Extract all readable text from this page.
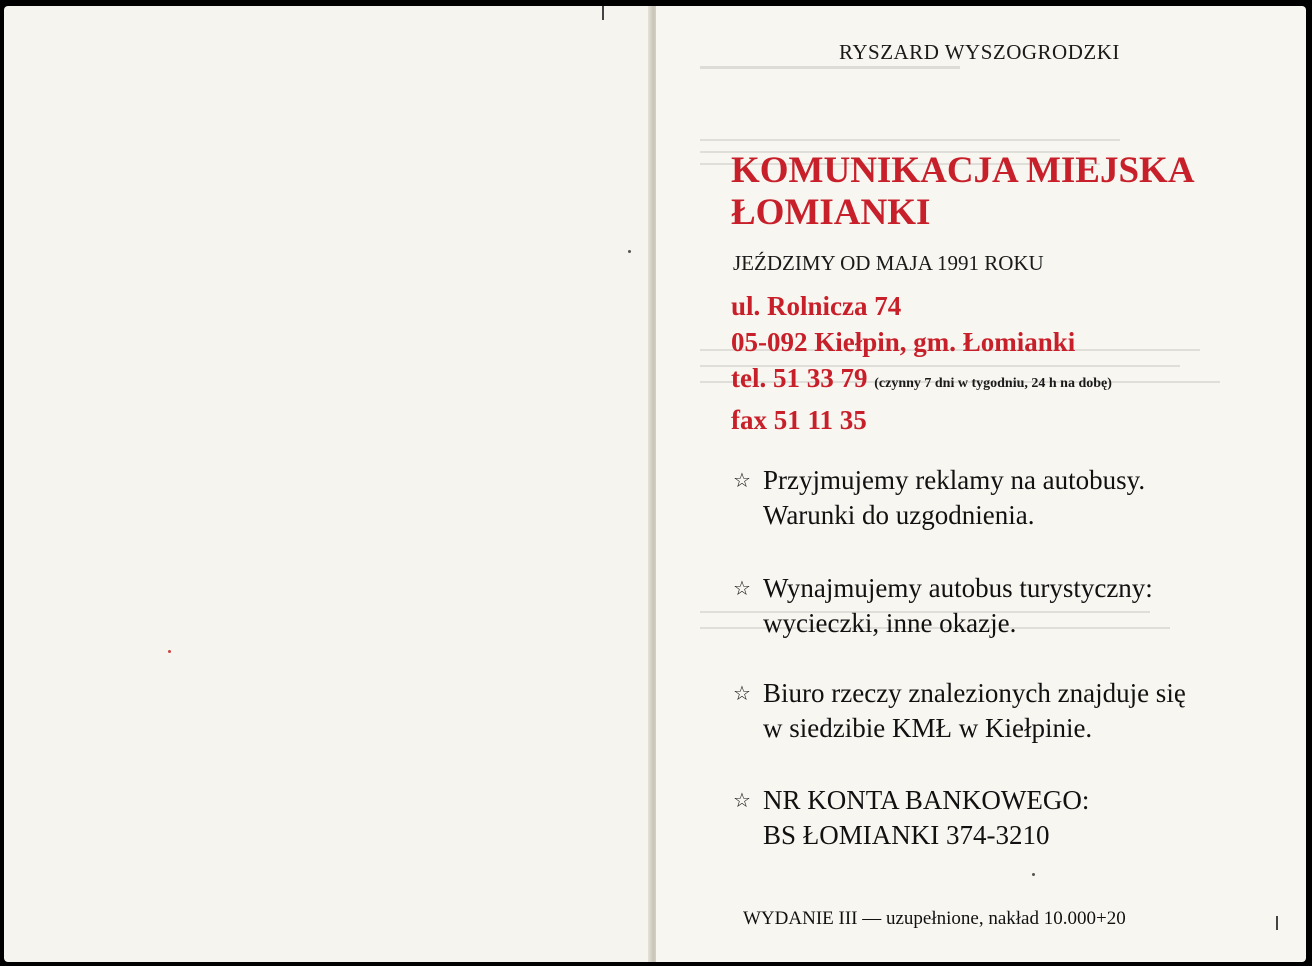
RYSZARD WYSZOGRODZKI
KOMUNIKACJA MIEJSKA
ŁOMIANKI
JEŹDZIMY OD MAJA 1991 ROKU
ul. Rolnicza 74
05-092 Kiełpin, gm. Łomianki
tel. 51 33 79 (czynny 7 dni w tygodniu, 24 h na dobę)
fax 51 11 35
☆ Przyjmujemy reklamy na autobusy.
Warunki do uzgodnienia.
☆ Wynajmujemy autobus turystyczny:
wycieczki, inne okazje.
☆ Biuro rzeczy znalezionych znajduje się
w siedzibie KMŁ w Kiełpinie.
☆ NR KONTA BANKOWEGO:
BS ŁOMIANKI 374-3210
WYDANIE III — uzupełnione, nakład 10.000+20
